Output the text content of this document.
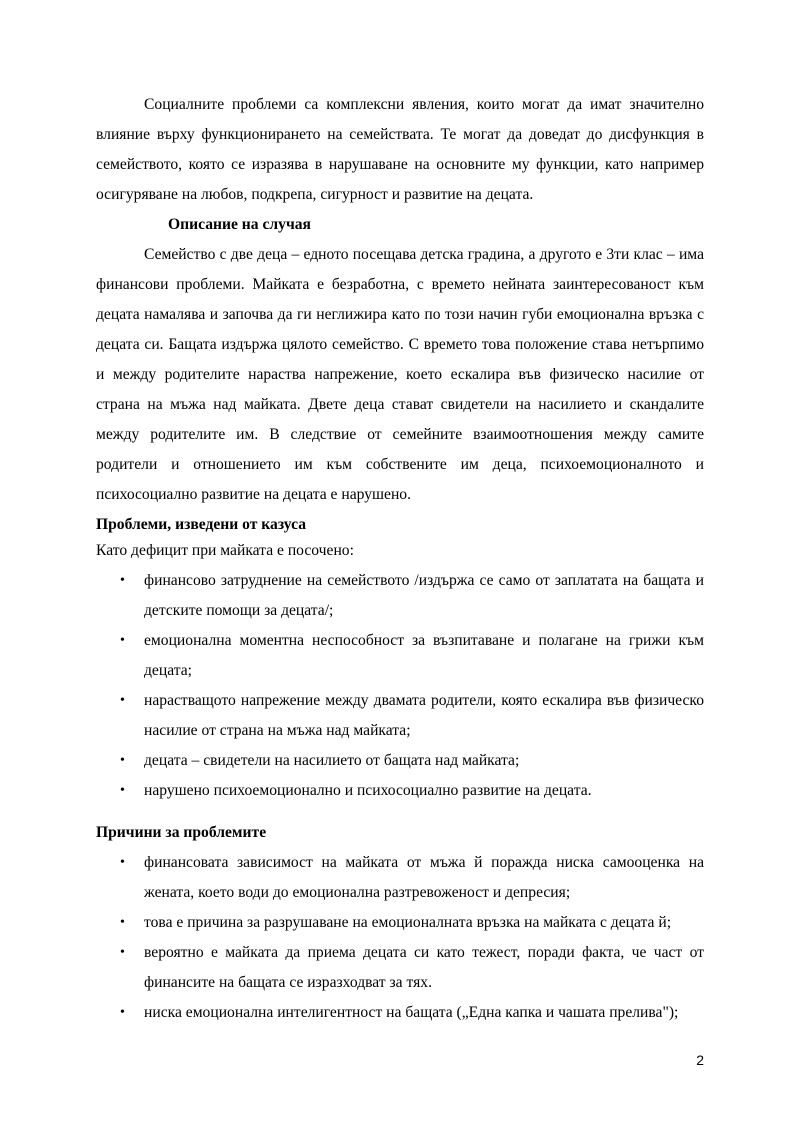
Социалните проблеми са комплексни явления, които могат да имат значително влияние върху функционирането на семействата. Те могат да доведат до дисфункция в семейството, която се изразява в нарушаване на основните му функции, като например осигуряване на любов, подкрепа, сигурност и развитие на децата.

Описание на случая

Семейство с две деца – едното посещава детска градина, а другото е 3ти клас – има финансови проблеми. Майката е безработна, с времето нейната заинтересованост към децата намалява и започва да ги неглижира като по този начин губи емоционална връзка с децата си. Бащата издържа цялото семейство. С времето това положение става нетърпимо и между родителите нараства напрежение, което ескалира във физическо насилие от страна на мъжа над майката. Двете деца стават свидетели на насилието и скандалите между родителите им. В следствие от семейните взаимоотношения между самите родители и отношението им към собствените им деца, психоемоционалното и психосоциално развитие на децата е нарушено.

Проблеми, изведени от казуса

Като дефицит при майката е посочено:

• финансово затруднение на семейството /издържа се само от заплатата на бащата и детските помощи за децата/;
• емоционална моментна неспособност за възпитаване и полагане на грижи към децата;
• нарастващото напрежение между двамата родители, която ескалира във физическо насилие от страна на мъжа над майката;
• децата – свидетели на насилието от бащата над майката;
• нарушено психоемоционално и психосоциално развитие на децата.

Причини за проблемите

• финансовата зависимост на майката от мъжа й поражда ниска самооценка на жената, което води до емоционална разтревоженост и депресия;
• това е причина за разрушаване на емоционалната връзка на майката с децата й;
• вероятно е майката да приема децата си като тежест, поради факта, че част от финансите на бащата се изразходват за тях.
• ниска емоционална интелигентност на бащата („Една капка и чашата прелива");
2
